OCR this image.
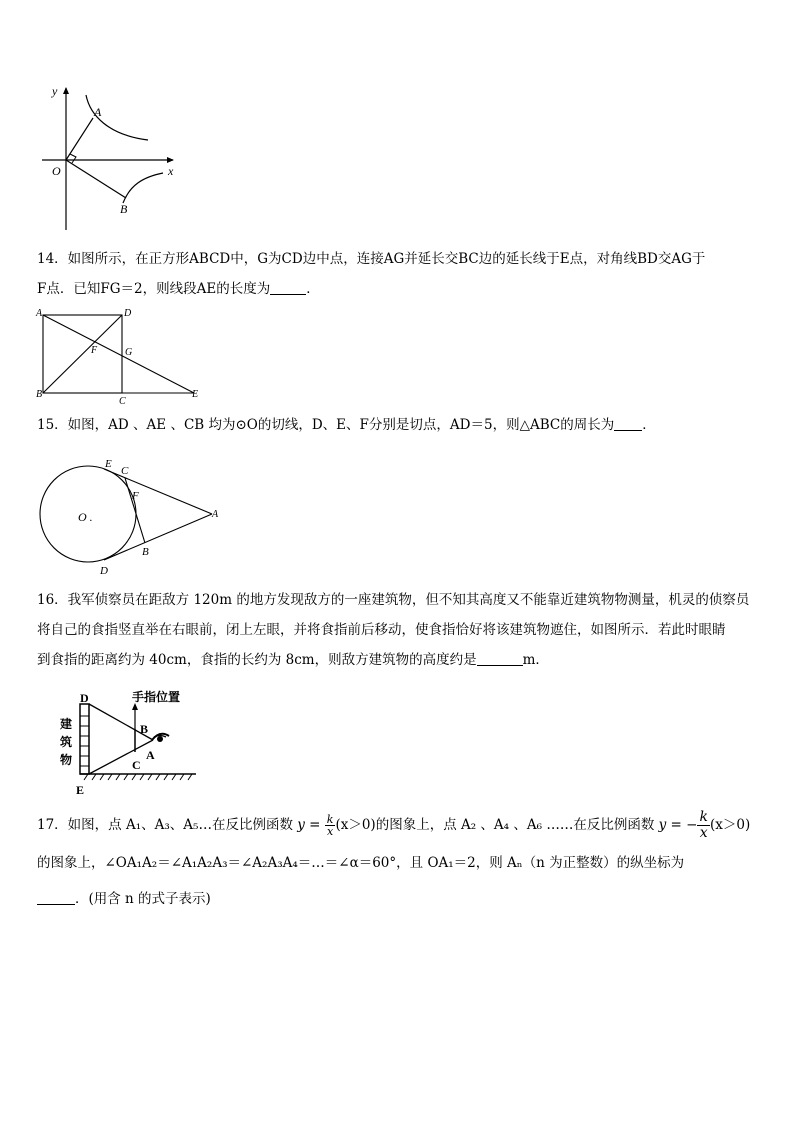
y
x
O
A
B
14．如图所示，在正方形ABCD中，G为CD边中点，连接AG并延长交BC边的延长线于E点，对角线BD交AG于
F点．已知FG＝2，则线段AE的长度为	．
A
B
C
D
E
F	G
15．如图，AD 、AE 、CB 均为⊙O的切线，D、E、F分别是切点，AD＝5，则△ABC的周长为 ．
O .	A
B
C
D
E
F
16．我军侦察员在距敌方 120m 的地方发现敌方的一座建筑物，但不知其高度又不能靠近建筑物物测量，机灵的侦察员
将自己的食指竖直举在右眼前，闭上左眼，并将食指前后移动，使食指恰好将该建筑物遮住，如图所示．若此时眼睛
到食指的距离约为 40cm，食指的长约为 8cm，则敌方建筑物的高度约是	m．
手指位置
建
筑
物
D
E
B
C
A
17．如图，点 A₁、A₃、A₅…在反比例函数 $y = \frac{k}{x} (x>0)$的图象上，点 A₂ 、A₄ 、A₆ ……在反比例函数 y = − $\frac{k}{x} (x>0)$
的图象上，∠OA₁A₂＝∠A₁A₂A₃＝∠A₂A₃A₄＝…＝∠α＝60°，且 OA₁＝2，则 Aₙ（n 为正整数）的纵坐标为
．(用含 n 的式子表示)
